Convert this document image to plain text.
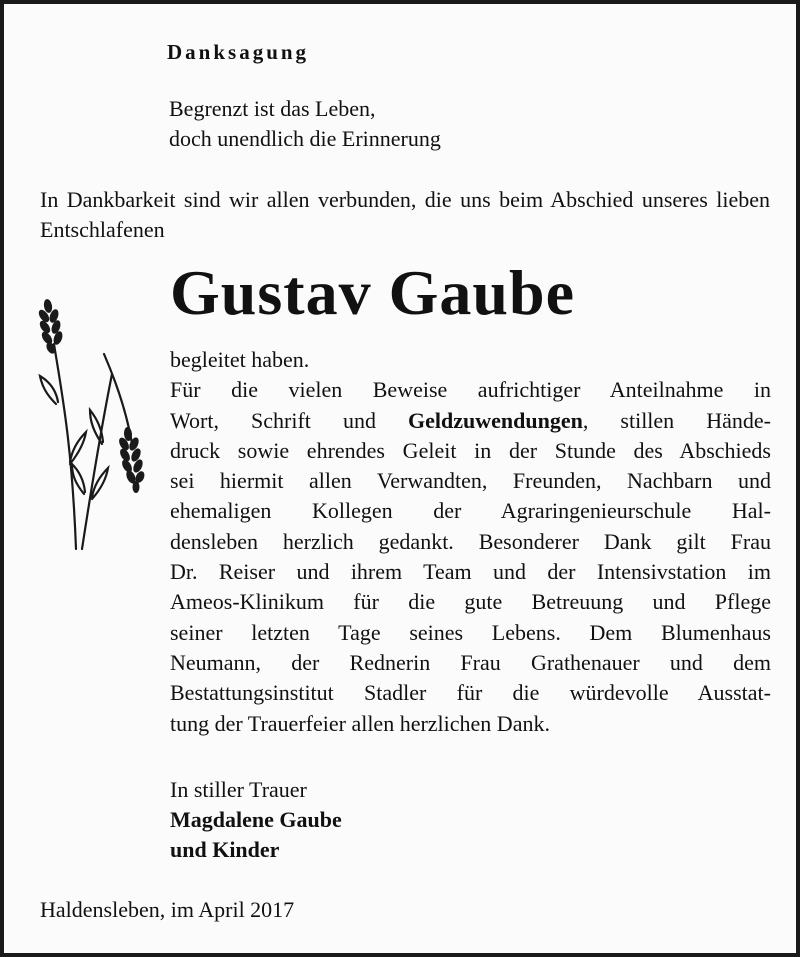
Danksagung
Begrenzt ist das Leben,
doch unendlich die Erinnerung
In Dankbarkeit sind wir allen verbunden, die uns beim Abschied unseres lieben Entschlafenen
Gustav Gaube
begleitet haben.
Für die vielen Beweise aufrichtiger Anteilnahme in
Wort, Schrift und Geldzuwendungen, stillen Hände-
druck sowie ehrendes Geleit in der Stunde des Abschieds
sei hiermit allen Verwandten, Freunden, Nachbarn und
ehemaligen Kollegen der Agraringenieurschule Hal-
densleben herzlich gedankt. Besonderer Dank gilt Frau
Dr. Reiser und ihrem Team und der Intensivstation im
Ameos-Klinikum für die gute Betreuung und Pflege
seiner letzten Tage seines Lebens. Dem Blumenhaus
Neumann, der Rednerin Frau Grathenauer und dem
Bestattungsinstitut Stadler für die würdevolle Ausstat-
tung der Trauerfeier allen herzlichen Dank.
In stiller Trauer
Magdalene Gaube
und Kinder
Haldensleben, im April 2017
